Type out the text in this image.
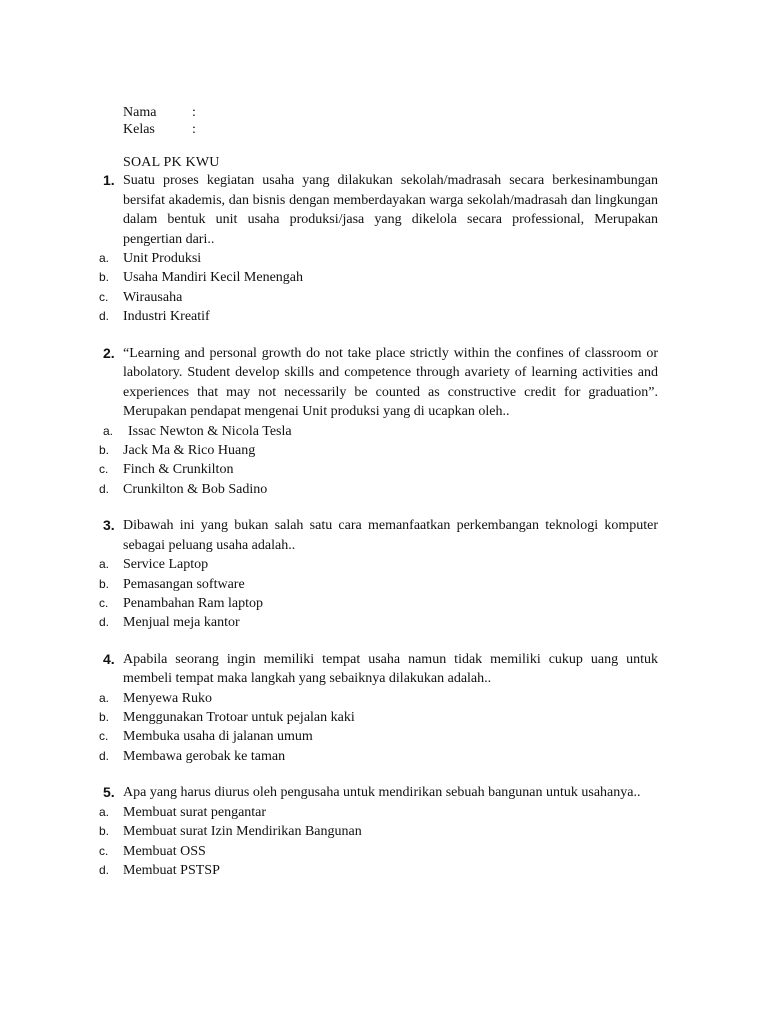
Nama	:
Kelas	:
SOAL PK KWU
1. Suatu proses kegiatan usaha yang dilakukan sekolah/madrasah secara berkesinambungan bersifat akademis, dan bisnis dengan memberdayakan warga sekolah/madrasah dan lingkungan dalam bentuk unit usaha produksi/jasa yang dikelola secara professional, Merupakan pengertian dari..
a. Unit Produksi
b. Usaha Mandiri Kecil Menengah
c. Wirausaha
d. Industri Kreatif
2. “Learning and personal growth do not take place strictly within the confines of classroom or labolatory. Student develop skills and competence through avariety of learning activities and experiences that may not necessarily be counted as constructive credit for graduation”. Merupakan pendapat mengenai Unit produksi yang di ucapkan oleh..
a. Issac Newton & Nicola Tesla
b. Jack Ma & Rico Huang
c. Finch & Crunkilton
d. Crunkilton & Bob Sadino
3. Dibawah ini yang bukan salah satu cara memanfaatkan perkembangan teknologi komputer sebagai peluang usaha adalah..
a. Service Laptop
b. Pemasangan software
c. Penambahan Ram laptop
d. Menjual meja kantor
4. Apabila seorang ingin memiliki tempat usaha namun tidak memiliki cukup uang untuk membeli tempat maka langkah yang sebaiknya dilakukan adalah..
a. Menyewa Ruko
b. Menggunakan Trotoar untuk pejalan kaki
c. Membuka usaha di jalanan umum
d. Membawa gerobak ke taman
5. Apa yang harus diurus oleh pengusaha untuk mendirikan sebuah bangunan untuk usahanya..
a. Membuat surat pengantar
b. Membuat surat Izin Mendirikan Bangunan
c. Membuat OSS
d. Membuat PSTSP
